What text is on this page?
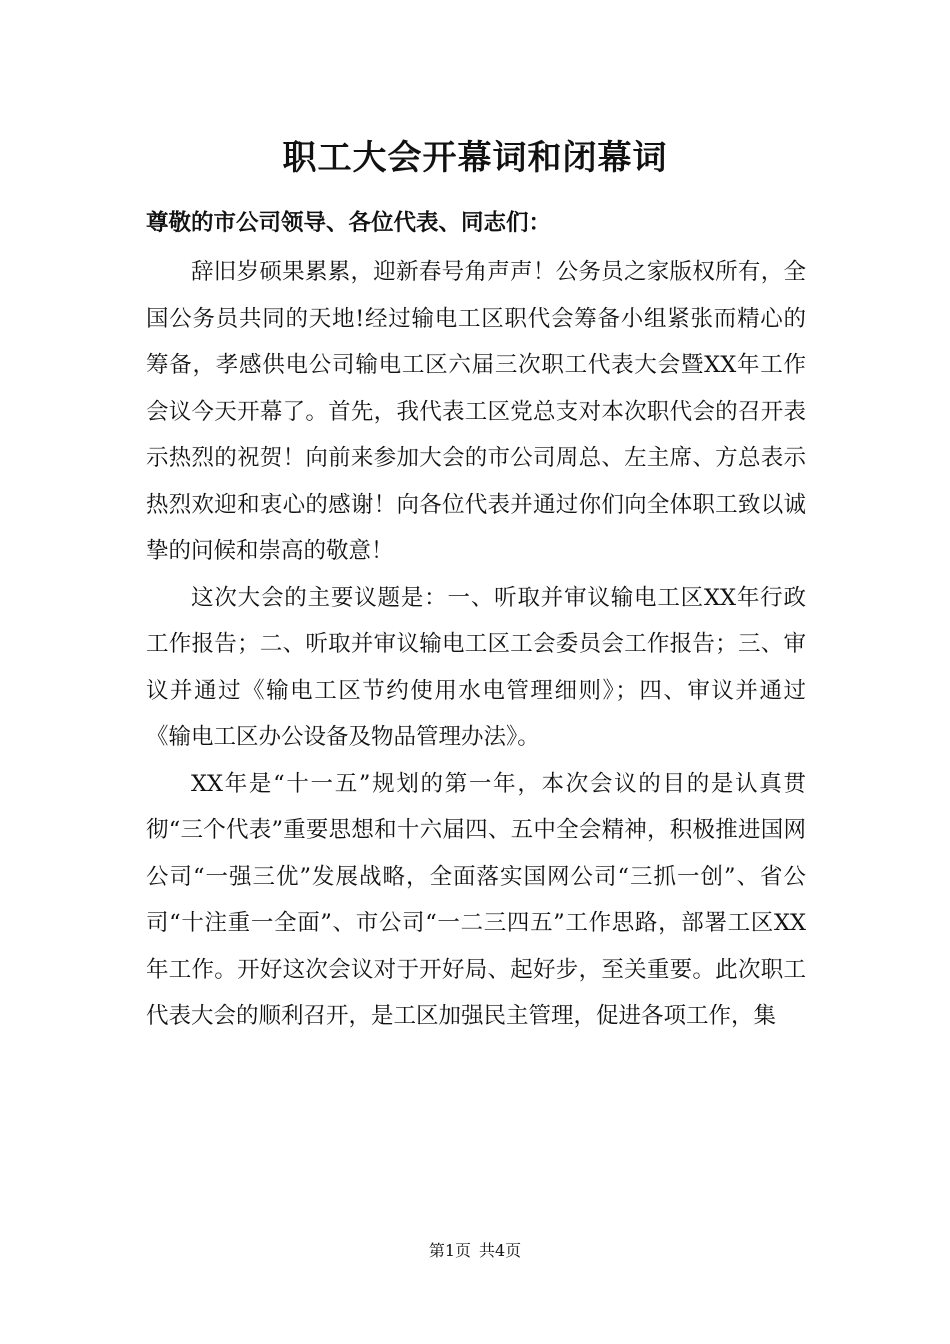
职工大会开幕词和闭幕词
尊敬的市公司领导、各位代表、同志们：

辞旧岁硕果累累，迎新春号角声声！公务员之家版权所有，全国公务员共同的天地!经过输电工区职代会筹备小组紧张而精心的筹备，孝感供电公司输电工区六届三次职工代表大会暨XX年工作会议今天开幕了。首先，我代表工区党总支对本次职代会的召开表示热烈的祝贺！向前来参加大会的市公司周总、左主席、方总表示热烈欢迎和衷心的感谢！向各位代表并通过你们向全体职工致以诚挚的问候和崇高的敬意！

这次大会的主要议题是：一、听取并审议输电工区XX年行政工作报告；二、听取并审议输电工区工会委员会工作报告；三、审议并通过《输电工区节约使用水电管理细则》；四、审议并通过《输电工区办公设备及物品管理办法》。

XX年是“十一五”规划的第一年，本次会议的目的是认真贯彻“三个代表”重要思想和十六届四、五中全会精神，积极推进国网公司“一强三优”发展战略，全面落实国网公司“三抓一创”、省公司“十注重一全面”、市公司“一二三四五”工作思路，部署工区XX年工作。开好这次会议对于开好局、起好步，至关重要。此次职工代表大会的顺利召开，是工区加强民主管理，促进各项工作，集

第1页 共4页
